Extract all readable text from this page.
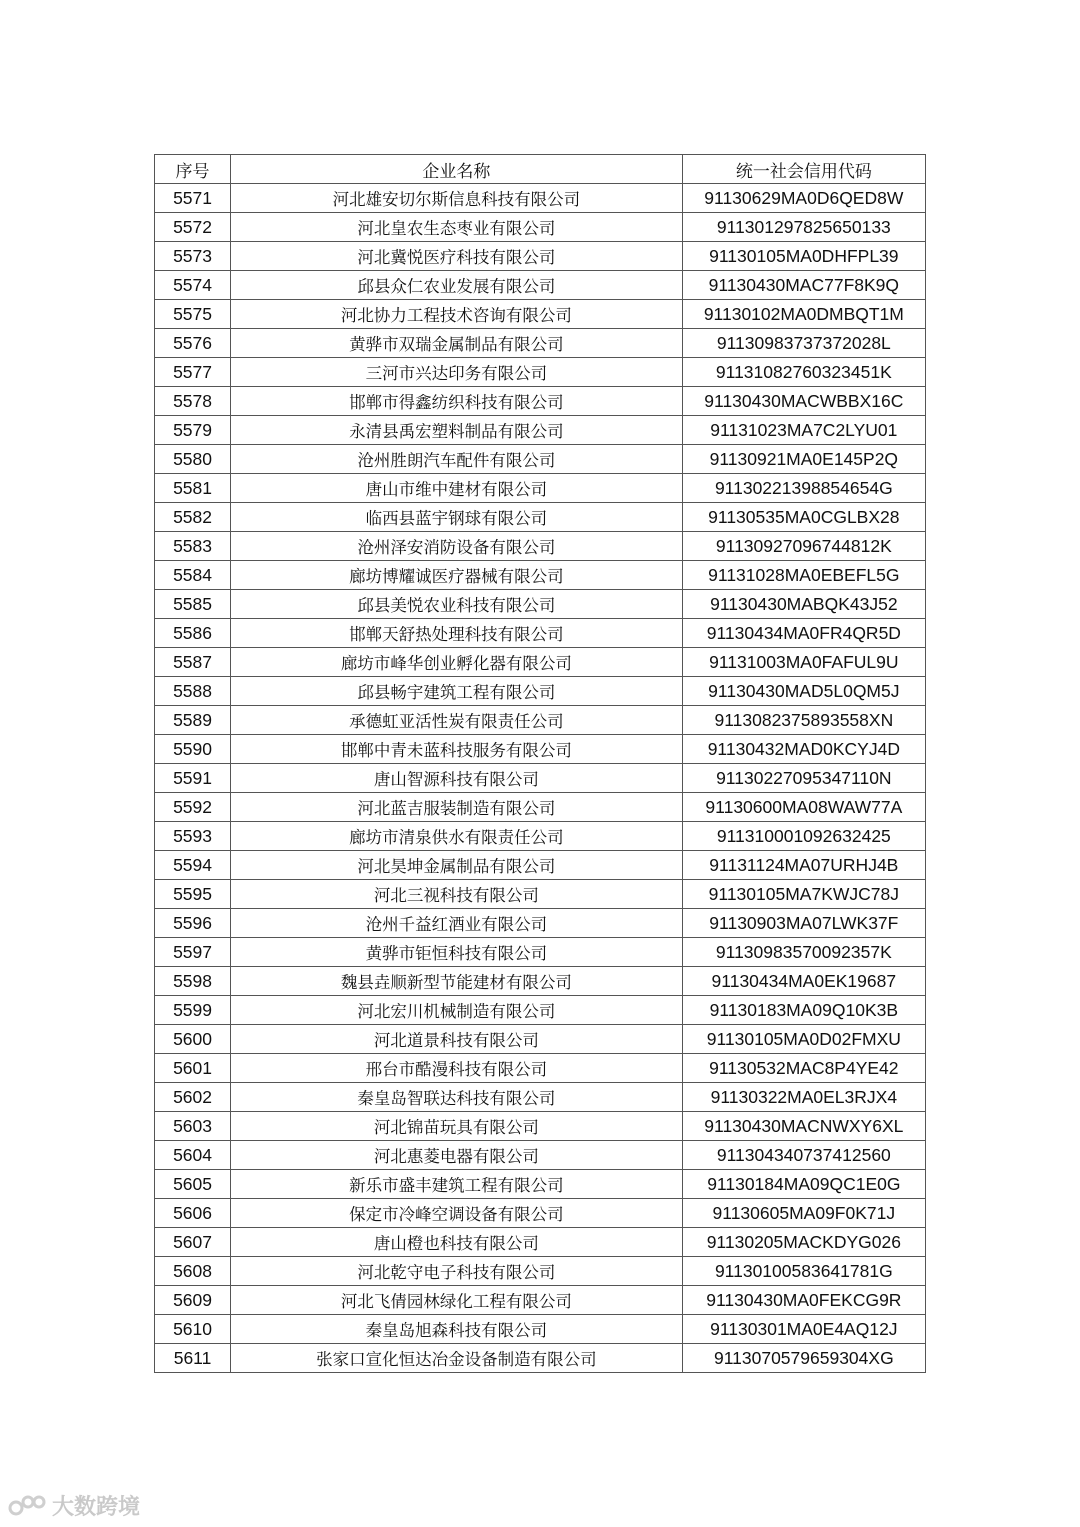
序号	企业名称	统一社会信用代码
5571	河北雄安切尔斯信息科技有限公司	91130629MA0D6QED8W
5572	河北皇农生态枣业有限公司	911301297825650133
5573	河北冀悦医疗科技有限公司	91130105MA0DHFPL39
5574	邱县众仁农业发展有限公司	91130430MAC77F8K9Q
5575	河北协力工程技术咨询有限公司	91130102MA0DMBQT1M
5576	黄骅市双瑞金属制品有限公司	91130983737372028L
5577	三河市兴达印务有限公司	91131082760323451K
5578	邯郸市得鑫纺织科技有限公司	91130430MACWBBX16C
5579	永清县禹宏塑料制品有限公司	91131023MA7C2LYU01
5580	沧州胜朗汽车配件有限公司	91130921MA0E145P2Q
5581	唐山市维中建材有限公司	91130221398854654G
5582	临西县蓝宇钢球有限公司	91130535MA0CGLBX28
5583	沧州泽安消防设备有限公司	91130927096744812K
5584	廊坊博耀诚医疗器械有限公司	91131028MA0EBEFL5G
5585	邱县美悦农业科技有限公司	91130430MABQK43J52
5586	邯郸天舒热处理科技有限公司	91130434MA0FR4QR5D
5587	廊坊市峰华创业孵化器有限公司	91131003MA0FAFUL9U
5588	邱县畅宇建筑工程有限公司	91130430MAD5L0QM5J
5589	承德虹亚活性炭有限责任公司	9113082375893558XN
5590	邯郸中青未蓝科技服务有限公司	91130432MAD0KCYJ4D
5591	唐山智源科技有限公司	91130227095347110N
5592	河北蓝吉服装制造有限公司	91130600MA08WAW77A
5593	廊坊市清泉供水有限责任公司	911310001092632425
5594	河北昊坤金属制品有限公司	91131124MA07URHJ4B
5595	河北三视科技有限公司	91130105MA7KWJC78J
5596	沧州千益红酒业有限公司	91130903MA07LWK37F
5597	黄骅市钜恒科技有限公司	91130983570092357K
5598	魏县垚顺新型节能建材有限公司	91130434MA0EK19687
5599	河北宏川机械制造有限公司	91130183MA09Q10K3B
5600	河北道景科技有限公司	91130105MA0D02FMXU
5601	邢台市酷漫科技有限公司	91130532MAC8P4YE42
5602	秦皇岛智联达科技有限公司	91130322MA0EL3RJX4
5603	河北锦苗玩具有限公司	91130430MACNWXY6XL
5604	河北惠菱电器有限公司	911304340737412560
5605	新乐市盛丰建筑工程有限公司	91130184MA09QC1E0G
5606	保定市冷峰空调设备有限公司	91130605MA09F0K71J
5607	唐山橙也科技有限公司	91130205MACKDYG026
5608	河北乾守电子科技有限公司	91130100583641781G
5609	河北飞倩园林绿化工程有限公司	91130430MA0FEKCG9R
5610	秦皇岛旭森科技有限公司	91130301MA0E4AQ12J
5611	张家口宣化恒达冶金设备制造有限公司	9113070579659304XG
大数跨境
